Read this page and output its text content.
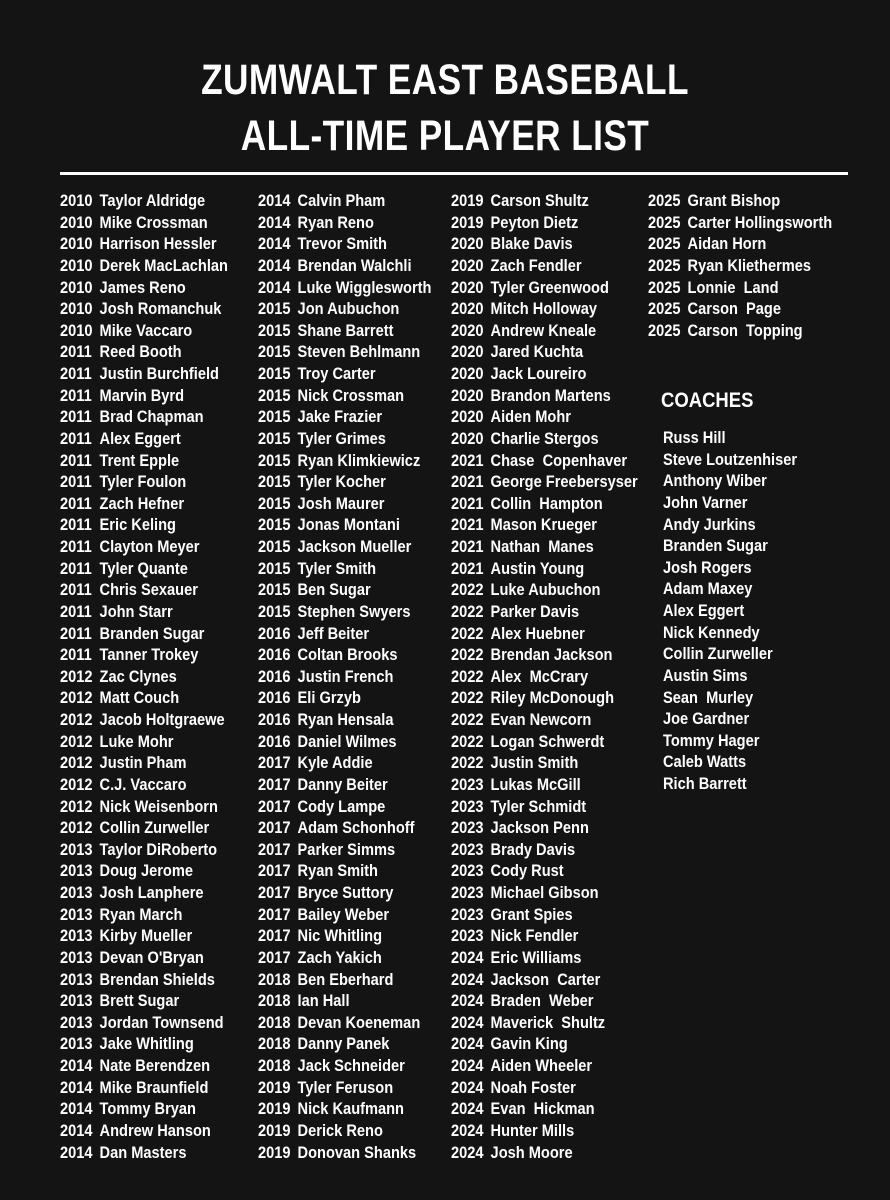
ZUMWALT EAST BASEBALL
ALL-TIME PLAYER LIST
2010 Taylor Aldridge
2010 Mike Crossman
2010 Harrison Hessler
2010 Derek MacLachlan
2010 James Reno
2010 Josh Romanchuk
2010 Mike Vaccaro
2011 Reed Booth
2011 Justin Burchfield
2011 Marvin Byrd
2011 Brad Chapman
2011 Alex Eggert
2011 Trent Epple
2011 Tyler Foulon
2011 Zach Hefner
2011 Eric Keling
2011 Clayton Meyer
2011 Tyler Quante
2011 Chris Sexauer
2011 John Starr
2011 Branden Sugar
2011 Tanner Trokey
2012 Zac Clynes
2012 Matt Couch
2012 Jacob Holtgraewe
2012 Luke Mohr
2012 Justin Pham
2012 C.J. Vaccaro
2012 Nick Weisenborn
2012 Collin Zurweller
2013 Taylor DiRoberto
2013 Doug Jerome
2013 Josh Lanphere
2013 Ryan March
2013 Kirby Mueller
2013 Devan O'Bryan
2013 Brendan Shields
2013 Brett Sugar
2013 Jordan Townsend
2013 Jake Whitling
2014 Nate Berendzen
2014 Mike Braunfield
2014 Tommy Bryan
2014 Andrew Hanson
2014 Dan Masters
2014 Calvin Pham
2014 Ryan Reno
2014 Trevor Smith
2014 Brendan Walchli
2014 Luke Wigglesworth
2015 Jon Aubuchon
2015 Shane Barrett
2015 Steven Behlmann
2015 Troy Carter
2015 Nick Crossman
2015 Jake Frazier
2015 Tyler Grimes
2015 Ryan Klimkiewicz
2015 Tyler Kocher
2015 Josh Maurer
2015 Jonas Montani
2015 Jackson Mueller
2015 Tyler Smith
2015 Ben Sugar
2015 Stephen Swyers
2016 Jeff Beiter
2016 Coltan Brooks
2016 Justin French
2016 Eli Grzyb
2016 Ryan Hensala
2016 Daniel Wilmes
2017 Kyle Addie
2017 Danny Beiter
2017 Cody Lampe
2017 Adam Schonhoff
2017 Parker Simms
2017 Ryan Smith
2017 Bryce Suttory
2017 Bailey Weber
2017 Nic Whitling
2017 Zach Yakich
2018 Ben Eberhard
2018 Ian Hall
2018 Devan Koeneman
2018 Danny Panek
2018 Jack Schneider
2019 Tyler Feruson
2019 Nick Kaufmann
2019 Derick Reno
2019 Donovan Shanks
2019 Carson Shultz
2019 Peyton Dietz
2020 Blake Davis
2020 Zach Fendler
2020 Tyler Greenwood
2020 Mitch Holloway
2020 Andrew Kneale
2020 Jared Kuchta
2020 Jack Loureiro
2020 Brandon Martens
2020 Aiden Mohr
2020 Charlie Stergos
2021 Chase  Copenhaver
2021 George Freebersyser
2021 Collin  Hampton
2021 Mason Krueger
2021 Nathan  Manes
2021 Austin Young
2022 Luke Aubuchon
2022 Parker Davis
2022 Alex Huebner
2022 Brendan Jackson
2022 Alex  McCrary
2022 Riley McDonough
2022 Evan Newcorn
2022 Logan Schwerdt
2022 Justin Smith
2023 Lukas McGill
2023 Tyler Schmidt
2023 Jackson Penn
2023 Brady Davis
2023 Cody Rust
2023 Michael Gibson
2023 Grant Spies
2023 Nick Fendler
2024 Eric Williams
2024 Jackson  Carter
2024 Braden  Weber
2024 Maverick  Shultz
2024 Gavin King
2024 Aiden Wheeler
2024 Noah Foster
2024 Evan  Hickman
2024 Hunter Mills
2024 Josh Moore
2025 Grant Bishop
2025 Carter Hollingsworth
2025 Aidan Horn
2025 Ryan Kliethermes
2025 Lonnie  Land
2025 Carson  Page
2025 Carson  Topping
COACHES
Russ Hill
Steve Loutzenhiser
Anthony Wiber
John Varner
Andy Jurkins
Branden Sugar
Josh Rogers
Adam Maxey
Alex Eggert
Nick Kennedy
Collin Zurweller
Austin Sims
Sean  Murley
Joe Gardner
Tommy Hager
Caleb Watts
Rich Barrett
